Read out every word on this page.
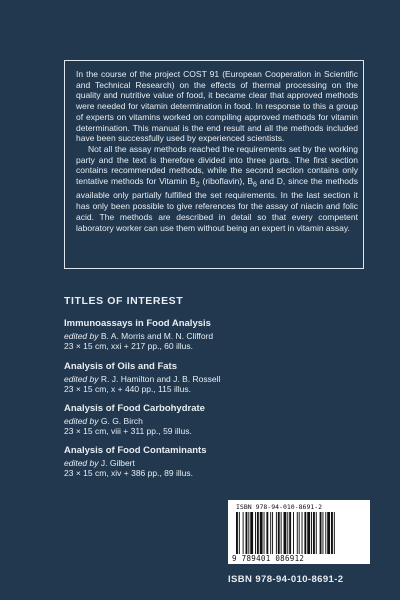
In the course of the project COST 91 (European Cooperation in Scientific and Technical Research) on the effects of thermal processing on the quality and nutritive value of food, it became clear that approved methods were needed for vitamin determination in food. In response to this a group of experts on vitamins worked on compiling approved methods for vitamin determination. This manual is the end result and all the methods included have been successfully used by experienced scientists.

Not all the assay methods reached the requirements set by the working party and the text is therefore divided into three parts. The first section contains recommended methods, while the second section contains only tentative methods for Vitamin $B_2$ (riboflavin), $B_6$ and D, since the methods available only partially fulfilled the set requirements. In the last section it has only been possible to give references for the assay of niacin and folic acid. The methods are described in detail so that every competent laboratory worker can use them without being an expert in vitamin assay.

TITLES OF INTEREST
Immunoassays in Food Analysis
edited by B. A. Morris and M. N. Clifford
23 × 15 cm, xxi + 217 pp., 60 illus.
Analysis of Oils and Fats
edited by R. J. Hamilton and J. B. Rossell
23 × 15 cm, x + 440 pp., 115 illus.
Analysis of Food Carbohydrate
edited by G. G. Birch
23 × 15 cm, viii + 311 pp., 59 illus.
Analysis of Food Contaminants
edited by J. Gilbert
23 × 15 cm, xiv + 386 pp., 89 illus.
ISBN 978-94-010-8691-2
9 789401 086912
ISBN 978-94-010-8691-2
